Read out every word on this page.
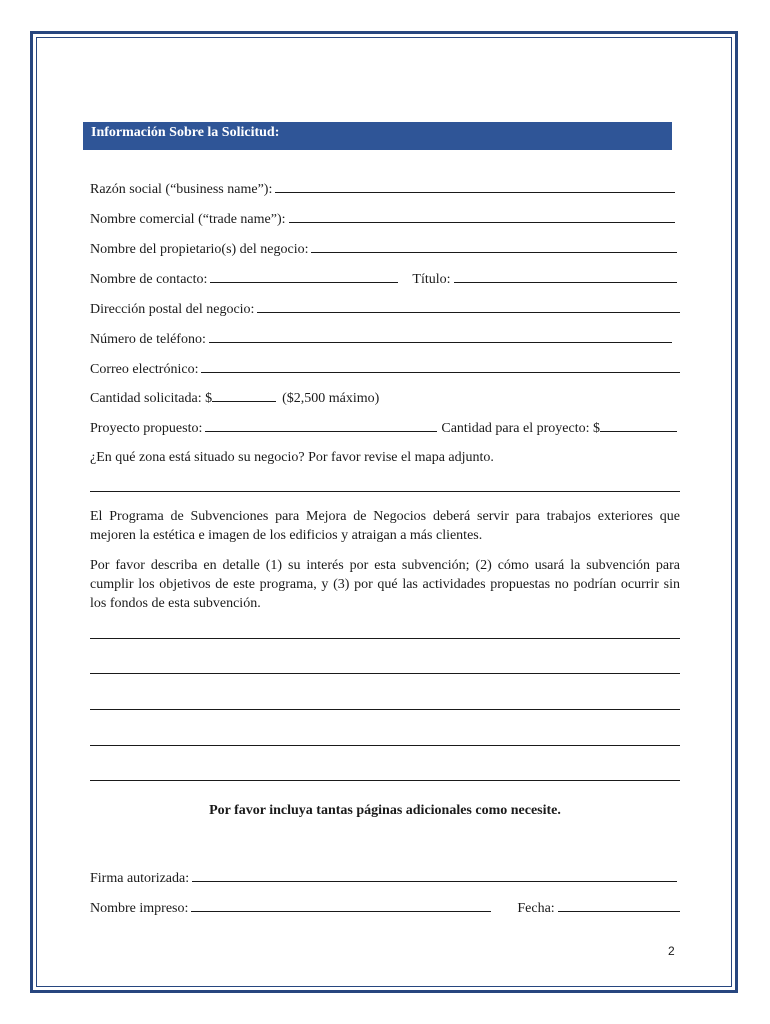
Información Sobre la Solicitud:
Razón social (“business name”):
Nombre comercial (“trade name”):
Nombre del propietario(s) del negocio:
Nombre de contacto:	Título:
Dirección postal del negocio:
Número de teléfono:
Correo electrónico:
Cantidad solicitada: $	($2,500 máximo)
Proyecto propuesto:	Cantidad para el proyecto: $
¿En qué zona está situado su negocio? Por favor revise el mapa adjunto.
El Programa de Subvenciones para Mejora de Negocios deberá servir para trabajos exteriores que mejoren la estética e imagen de los edificios y atraigan a más clientes.
Por favor describa en detalle (1) su interés por esta subvención; (2) cómo usará la subvención para cumplir los objetivos de este programa, y (3) por qué las actividades propuestas no podrían ocurrir sin los fondos de esta subvención.
Por favor incluya tantas páginas adicionales como necesite.
Firma autorizada:
Nombre impreso:	Fecha:
2
